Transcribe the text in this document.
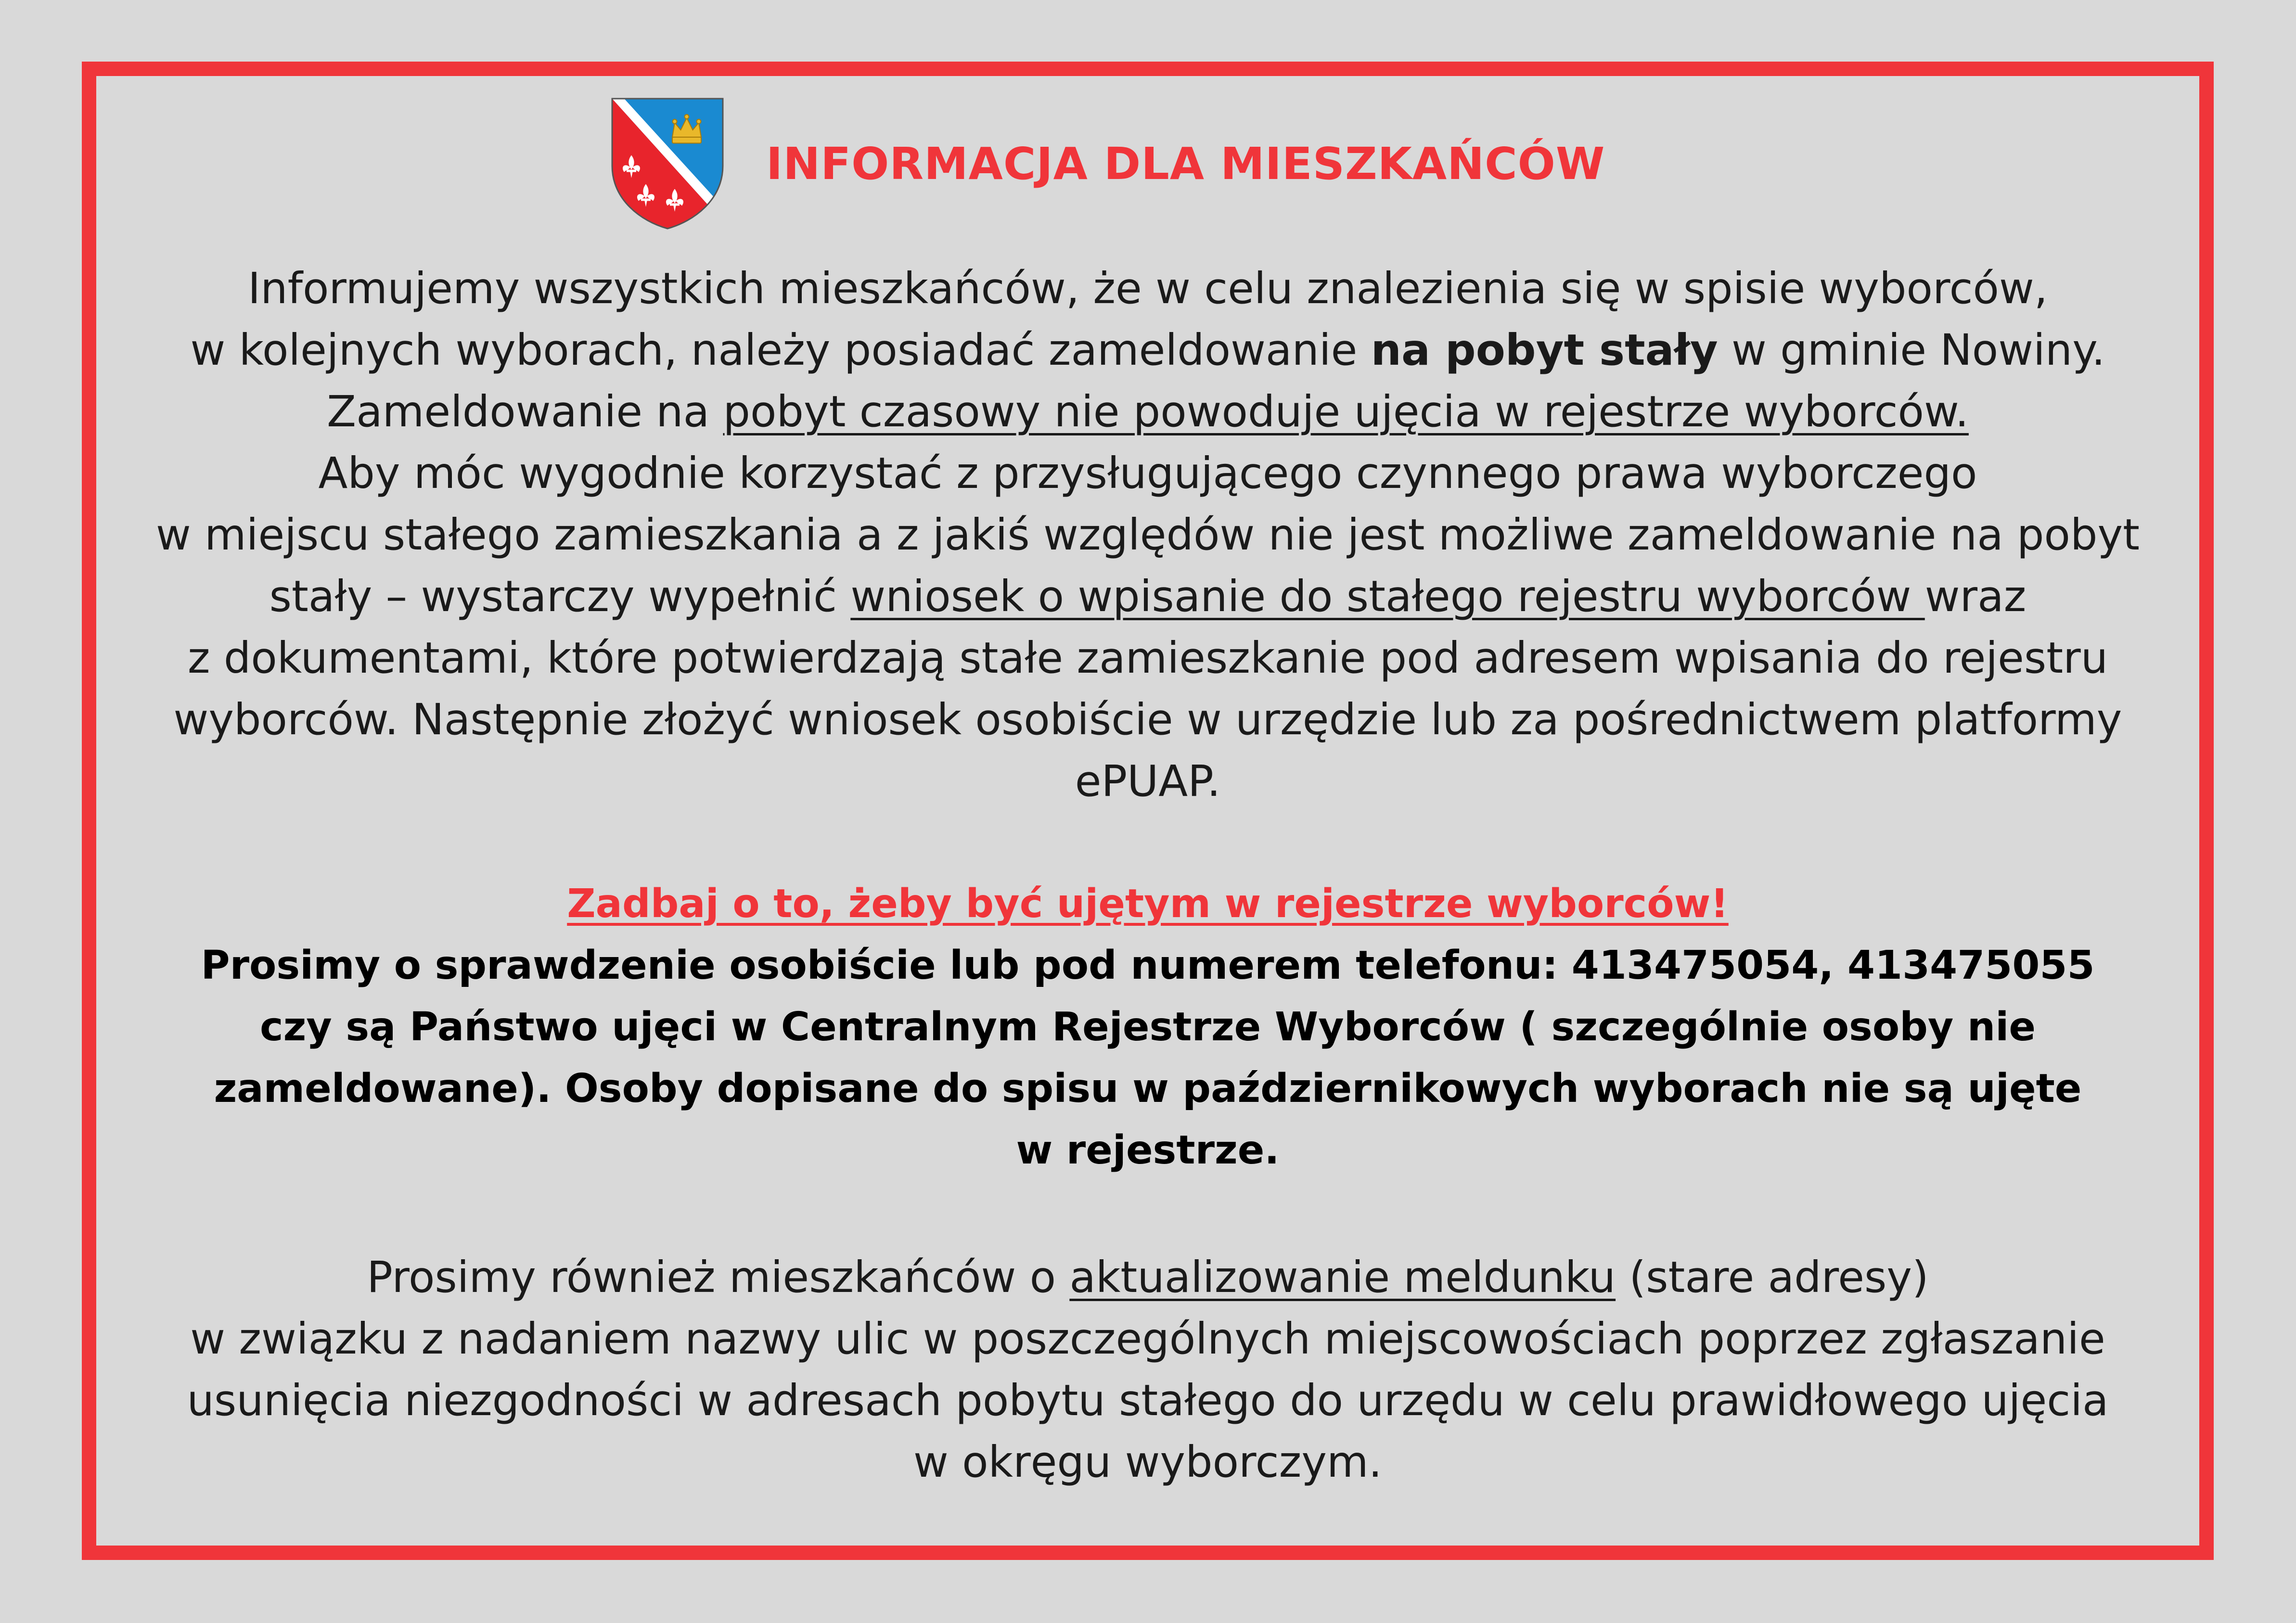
INFORMACJA DLA MIESZKAŃCÓW
Informujemy wszystkich mieszkańców, że w celu znalezienia się w spisie wyborców,
w kolejnych wyborach, należy posiadać zameldowanie na pobyt stały w gminie Nowiny.
Zameldowanie na pobyt czasowy nie powoduje ujęcia w rejestrze wyborców.
Aby móc wygodnie korzystać z przysługującego czynnego prawa wyborczego
w miejscu stałego zamieszkania a z jakiś względów nie jest możliwe zameldowanie na pobyt
stały – wystarczy wypełnić wniosek o wpisanie do stałego rejestru wyborców wraz
z dokumentami, które potwierdzają stałe zamieszkanie pod adresem wpisania do rejestru
wyborców. Następnie złożyć wniosek osobiście w urzędzie lub za pośrednictwem platformy
ePUAP.
Zadbaj o to, żeby być ujętym w rejestrze wyborców!
Prosimy o sprawdzenie osobiście lub pod numerem telefonu: 413475054, 413475055
czy są Państwo ujęci w Centralnym Rejestrze Wyborców ( szczególnie osoby nie
zameldowane). Osoby dopisane do spisu w październikowych wyborach nie są ujęte
w rejestrze.
Prosimy również mieszkańców o aktualizowanie meldunku (stare adresy)
w związku z nadaniem nazwy ulic w poszczególnych miejscowościach poprzez zgłaszanie
usunięcia niezgodności w adresach pobytu stałego do urzędu w celu prawidłowego ujęcia
w okręgu wyborczym.
